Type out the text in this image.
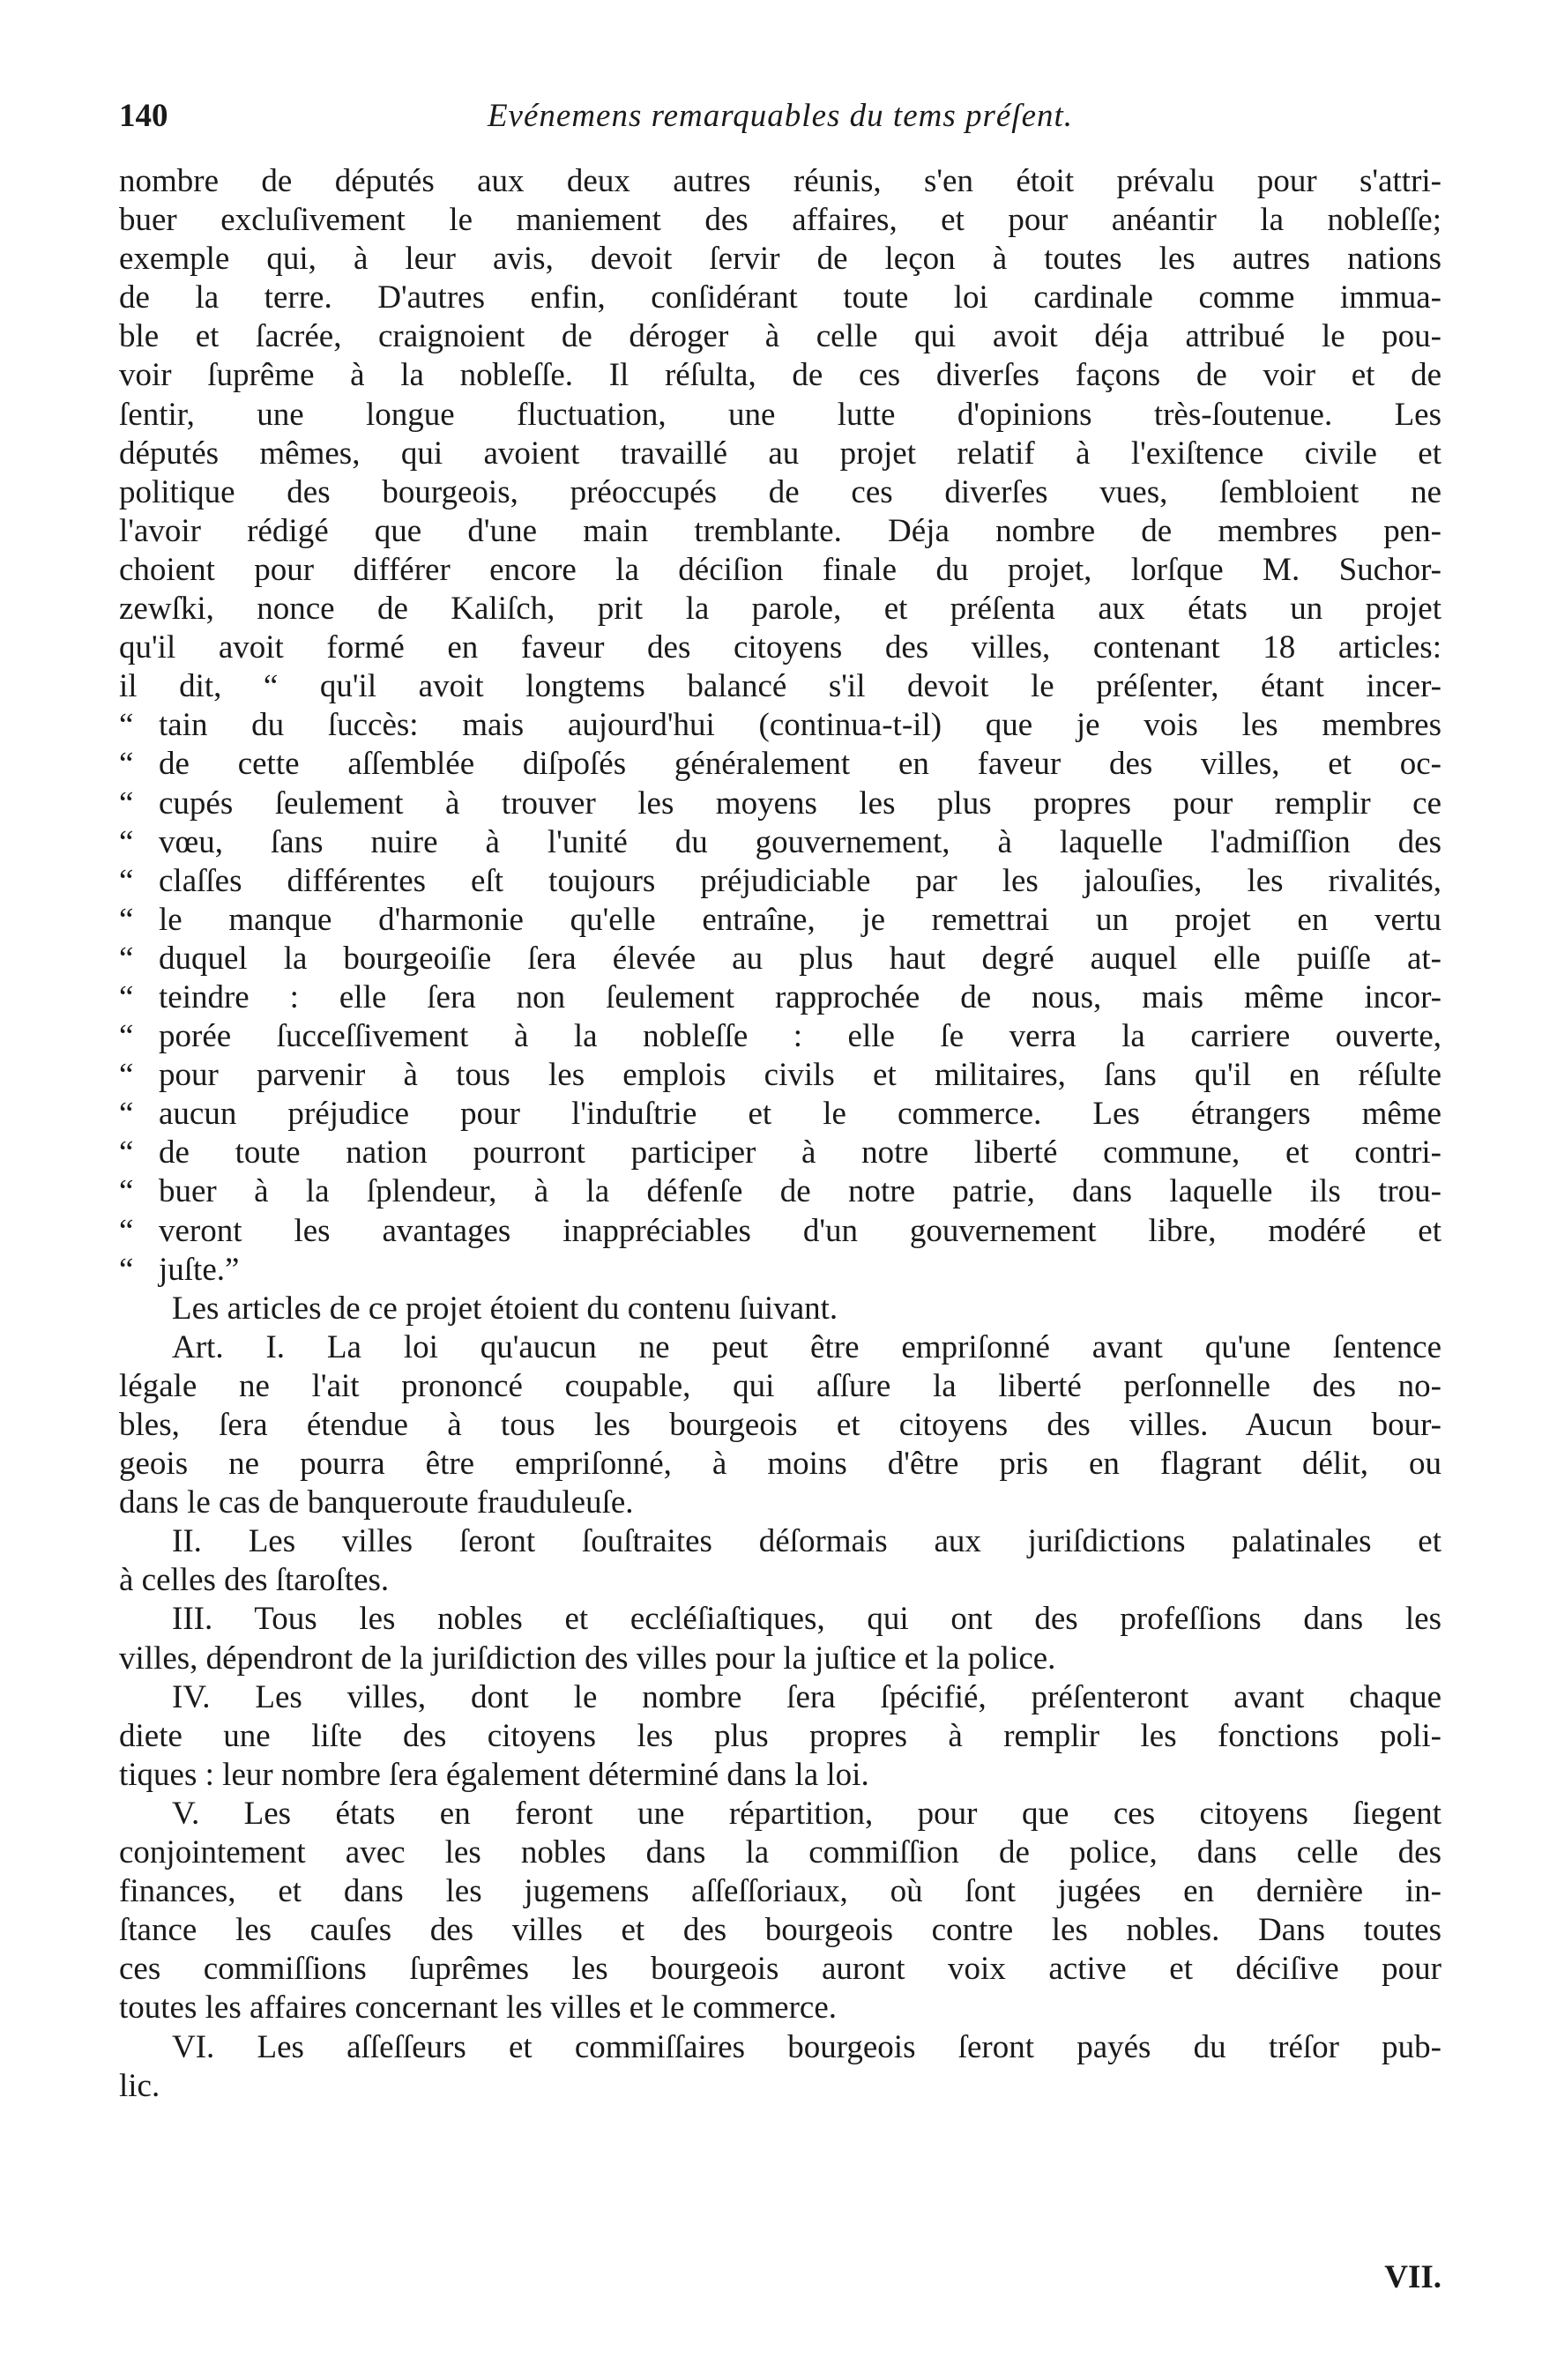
140	Evénemens remarquables du tems préſent.
nombre de députés aux deux autres réunis, s'en étoit prévalu pour s'attri-
buer excluſivement le maniement des affaires, et pour anéantir la nobleſſe;
exemple qui, à leur avis, devoit ſervir de leçon à toutes les autres nations
de la terre. D'autres enfin, conſidérant toute loi cardinale comme immua-
ble et ſacrée, craignoient de déroger à celle qui avoit déja attribué le pou-
voir ſuprême à la nobleſſe. Il réſulta, de ces diverſes façons de voir et de
ſentir, une longue fluctuation, une lutte d'opinions très-ſoutenue. Les
députés mêmes, qui avoient travaillé au projet relatif à l'exiſtence civile et
politique des bourgeois, préoccupés de ces diverſes vues, ſembloient ne
l'avoir rédigé que d'une main tremblante. Déja nombre de membres pen-
choient pour différer encore la déciſion finale du projet, lorſque M. Suchor-
zewſki, nonce de Kaliſch, prit la parole, et préſenta aux états un projet
qu'il avoit formé en faveur des citoyens des villes, contenant 18 articles:
il dit, “ qu'il avoit longtems balancé s'il devoit le préſenter, étant incer-
“ tain du ſuccès: mais aujourd'hui (continua-t-il) que je vois les membres
“ de cette aſſemblée diſpoſés généralement en faveur des villes, et oc-
“ cupés ſeulement à trouver les moyens les plus propres pour remplir ce
“ vœu, ſans nuire à l'unité du gouvernement, à laquelle l'admiſſion des
“ claſſes différentes eſt toujours préjudiciable par les jalouſies, les rivalités,
“ le manque d'harmonie qu'elle entraîne, je remettrai un projet en vertu
“ duquel la bourgeoiſie ſera élevée au plus haut degré auquel elle puiſſe at-
“ teindre : elle ſera non ſeulement rapprochée de nous, mais même incor-
“ porée ſucceſſivement à la nobleſſe : elle ſe verra la carriere ouverte,
“ pour parvenir à tous les emplois civils et militaires, ſans qu'il en réſulte
“ aucun préjudice pour l'induſtrie et le commerce. Les étrangers même
“ de toute nation pourront participer à notre liberté commune, et contri-
“ buer à la ſplendeur, à la défenſe de notre patrie, dans laquelle ils trou-
“ veront les avantages inappréciables d'un gouvernement libre, modéré et
“ juſte.”
Les articles de ce projet étoient du contenu ſuivant.
Art. I. La loi qu'aucun ne peut être empriſonné avant qu'une ſentence
légale ne l'ait prononcé coupable, qui aſſure la liberté perſonnelle des no-
bles, ſera étendue à tous les bourgeois et citoyens des villes. Aucun bour-
geois ne pourra être empriſonné, à moins d'être pris en flagrant délit, ou
dans le cas de banqueroute frauduleuſe.
II. Les villes ſeront ſouſtraites déſormais aux juriſdictions palatinales et
à celles des ſtaroſtes.
III. Tous les nobles et eccléſiaſtiques, qui ont des profeſſions dans les
villes, dépendront de la juriſdiction des villes pour la juſtice et la police.
IV. Les villes, dont le nombre ſera ſpécifié, préſenteront avant chaque
diete une liſte des citoyens les plus propres à remplir les fonctions poli-
tiques : leur nombre ſera également déterminé dans la loi.
V. Les états en feront une répartition, pour que ces citoyens ſiegent
conjointement avec les nobles dans la commiſſion de police, dans celle des
finances, et dans les jugemens aſſeſſoriaux, où ſont jugées en dernière in-
ſtance les cauſes des villes et des bourgeois contre les nobles. Dans toutes
ces commiſſions ſuprêmes les bourgeois auront voix active et déciſive pour
toutes les affaires concernant les villes et le commerce.
VI. Les aſſeſſeurs et commiſſaires bourgeois ſeront payés du tréſor pub-
lic.
VII.
